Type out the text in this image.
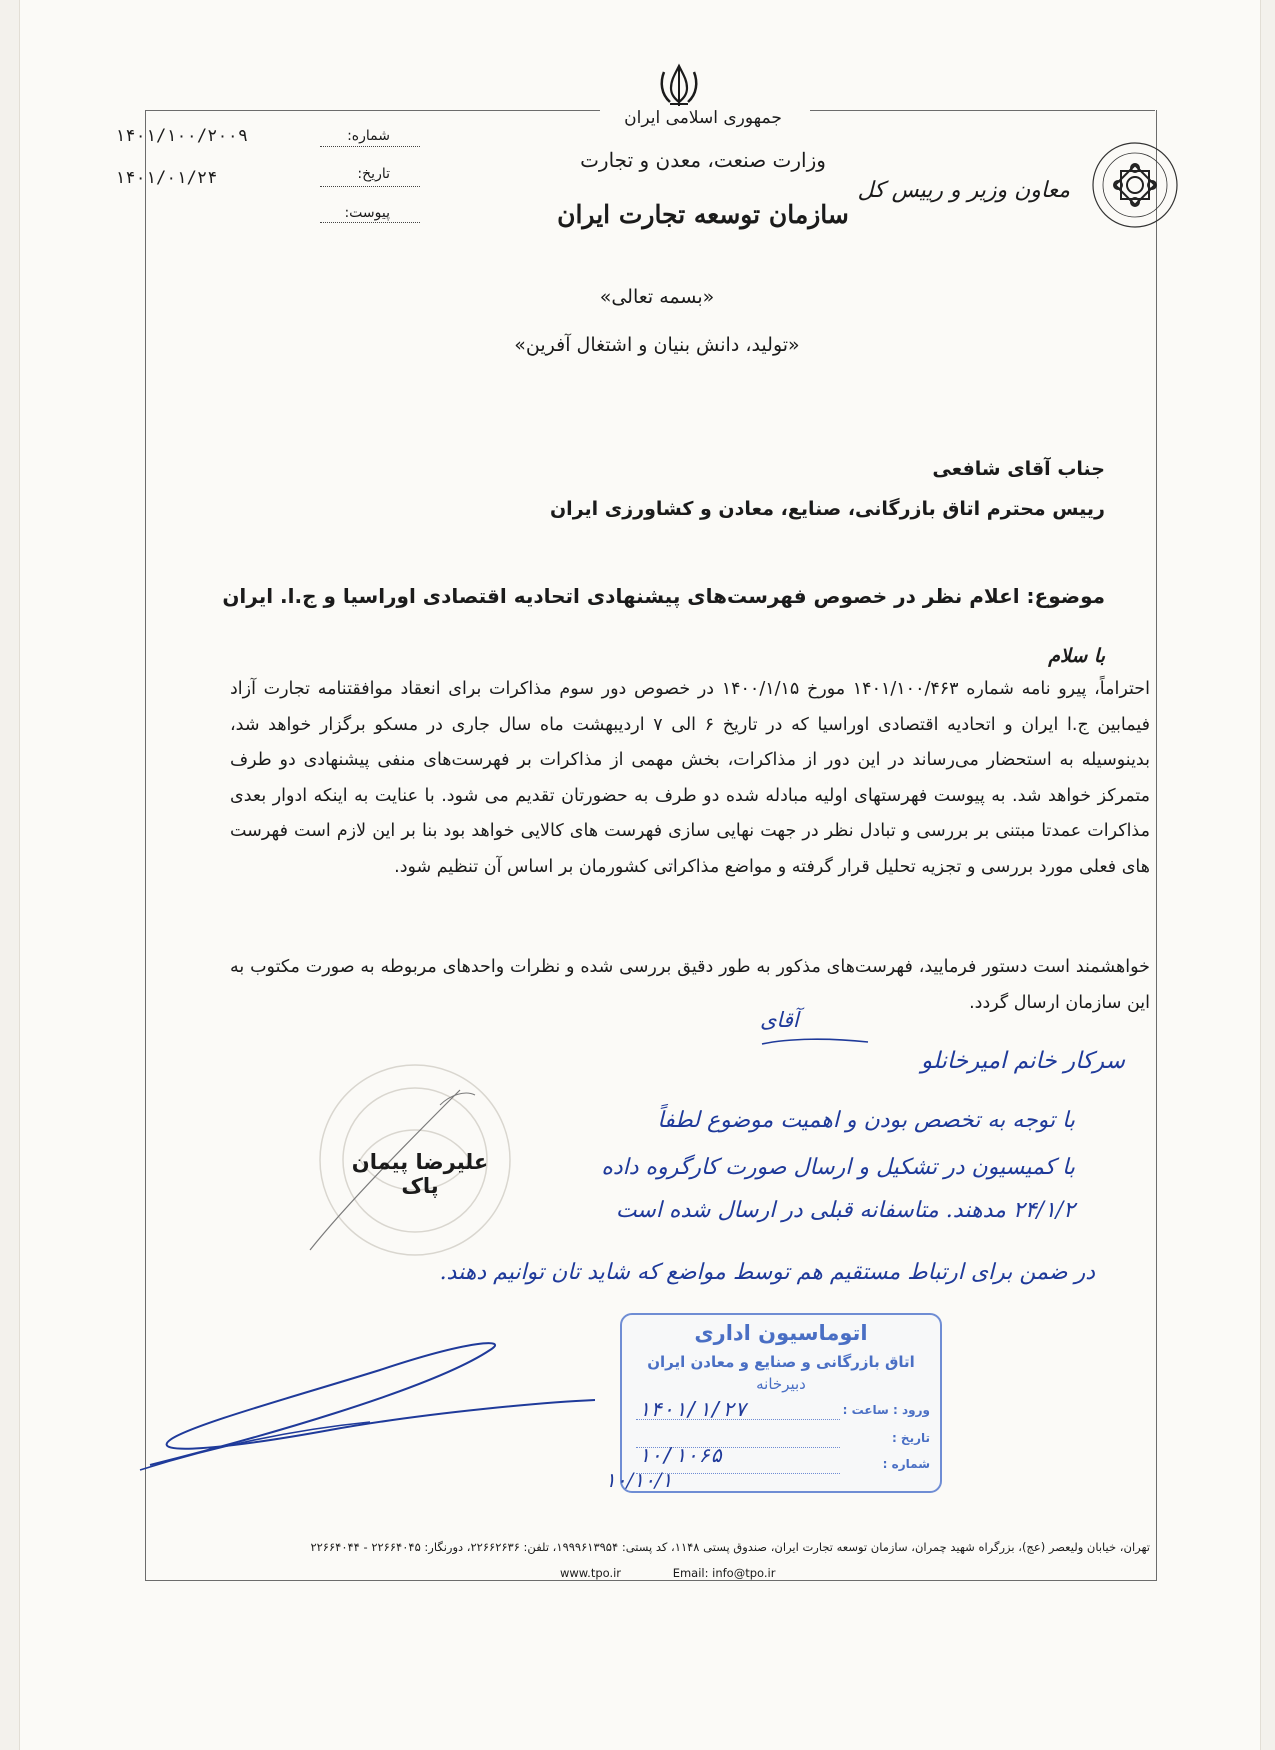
جمهوری اسلامی ایران
وزارت صنعت، معدن و تجارت
سازمان توسعه تجارت ایران
معاون وزیر و رییس کل
شماره:
۱۴۰۱/۱۰۰/۲۰۰۹
تاریخ:
۱۴۰۱/۰۱/۲۴
پیوست:
«بسمه تعالی»
«تولید، دانش بنیان و اشتغال آفرین»
جناب آقای شافعی
رییس محترم اتاق بازرگانی، صنایع، معادن و کشاورزی ایران
موضوع: اعلام نظر در خصوص فهرست‌های پیشنهادی اتحادیه اقتصادی اوراسیا و ج.ا. ایران
با سلام
احتراماً، پیرو نامه شماره ۱۴۰۱/۱۰۰/۴۶۳ مورخ ۱۴۰۰/۱/۱۵ در خصوص دور سوم مذاکرات برای انعقاد موافقتنامه تجارت آزاد فیمابین ج.ا ایران و اتحادیه اقتصادی اوراسیا که در تاریخ ۶ الی ۷ اردیبهشت ماه سال جاری در مسکو برگزار خواهد شد، بدینوسیله به استحضار می‌رساند در این دور از مذاکرات، بخش مهمی از مذاکرات بر فهرست‌های منفی پیشنهادی دو طرف متمرکز خواهد شد. به پیوست فهرستهای اولیه مبادله شده دو طرف به حضورتان تقدیم می شود. با عنایت به اینکه ادوار بعدی مذاکرات عمدتا مبتنی بر بررسی و تبادل نظر در جهت نهایی سازی فهرست های کالایی خواهد بود بنا بر این لازم است فهرست های فعلی مورد بررسی و تجزیه تحلیل قرار گرفته و مواضع مذاکراتی کشورمان بر اساس آن تنظیم شود.
خواهشمند است دستور فرمایید، فهرست‌های مذکور به طور دقیق بررسی شده و نظرات واحدهای مربوطه به صورت مکتوب به این سازمان ارسال گردد.
علیرضا پیمان پاک
آقای
سرکار خانم امیرخانلو
با توجه به تخصص بودن و اهمیت موضوع لطفاً
با کمیسیون در تشکیل و ارسال صورت کارگروه داده
۲۴/۱/۲ مدهند. متاسفانه قبلی در ارسال شده است
در ضمن برای ارتباط مستقیم هم توسط مواضع که شاید تان توانیم دهند.
اتوماسیون اداری
اتاق بازرگانی و صنایع و معادن ایران
دبیرخانه
ورود : ساعت :
۱۴۰۱/۱/۲۷
تاریخ :
شماره :
۱۰/۱۰۶۵
۱۰/۱۰/۱
تهران، خیابان ولیعصر (عج)، بزرگراه شهید چمران، سازمان توسعه تجارت ایران، صندوق پستی ۱۱۴۸، کد پستی: ۱۹۹۹۶۱۳۹۵۴، تلفن: ۲۲۶۶۲۶۳۶، دورنگار: ۲۲۶۶۴۰۴۵ - ۲۲۶۶۴۰۴۴
www.tpo.ir	Email: info@tpo.ir
